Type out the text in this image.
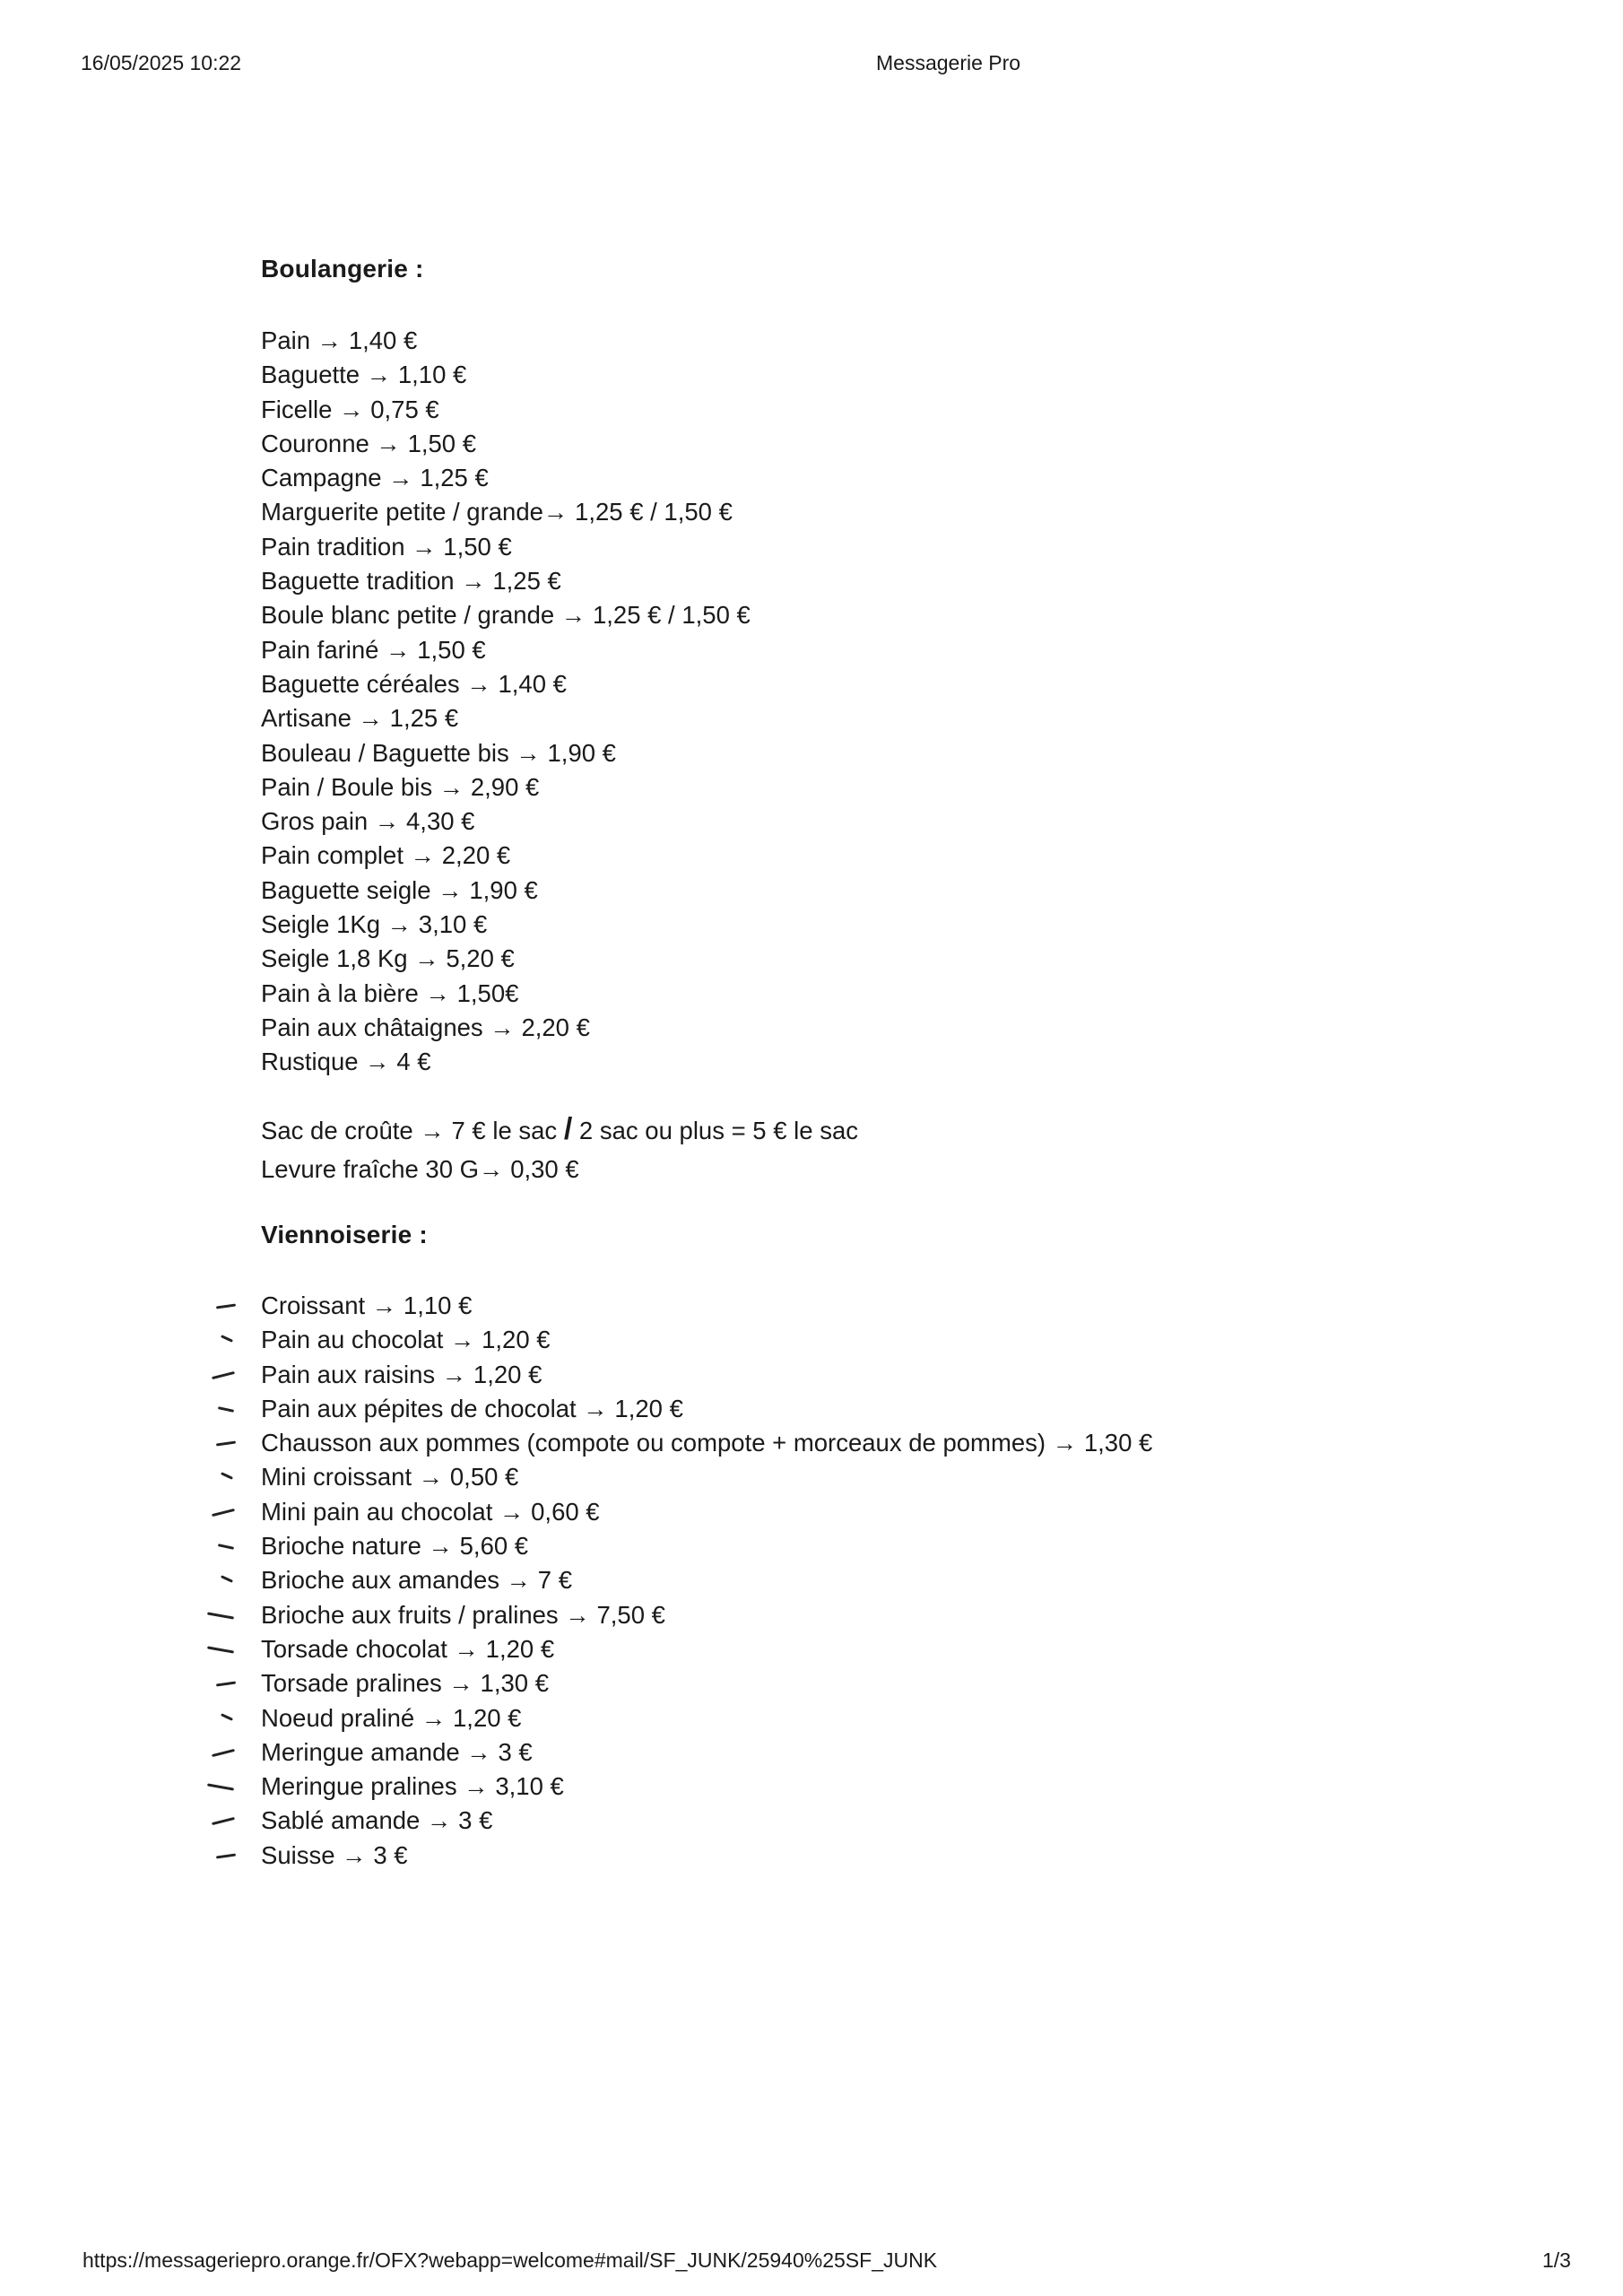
16/05/2025 10:22	Messagerie Pro
Boulangerie :
Pain → 1,40 €
Baguette → 1,10 €
Ficelle → 0,75 €
Couronne → 1,50 €
Campagne → 1,25 €
Marguerite petite / grande→ 1,25 € / 1,50 €
Pain tradition → 1,50 €
Baguette tradition → 1,25 €
Boule blanc petite / grande → 1,25 € / 1,50 €
Pain fariné → 1,50 €
Baguette céréales → 1,40 €
Artisane → 1,25 €
Bouleau / Baguette bis → 1,90 €
Pain / Boule bis → 2,90 €
Gros pain → 4,30 €
Pain complet → 2,20 €
Baguette seigle → 1,90 €
Seigle 1Kg → 3,10 €
Seigle 1,8 Kg → 5,20 €
Pain à la bière → 1,50€
Pain aux châtaignes → 2,20 €
Rustique → 4 €
Sac de croûte → 7 € le sac / 2 sac ou plus = 5 € le sac
Levure fraîche 30 G→ 0,30 €
Viennoiserie :
Croissant → 1,10 €
Pain au chocolat → 1,20 €
Pain aux raisins → 1,20 €
Pain aux pépites de chocolat → 1,20 €
Chausson aux pommes (compote ou compote + morceaux de pommes) → 1,30 €
Mini croissant → 0,50 €
Mini pain au chocolat → 0,60 €
Brioche nature → 5,60 €
Brioche aux amandes → 7 €
Brioche aux fruits / pralines → 7,50 €
Torsade chocolat → 1,20 €
Torsade pralines → 1,30 €
Noeud praliné → 1,20 €
Meringue amande → 3 €
Meringue pralines → 3,10 €
Sablé amande → 3 €
Suisse → 3 €
https://messageriepro.orange.fr/OFX?webapp=welcome#mail/SF_JUNK/25940%25SF_JUNK	1/3
